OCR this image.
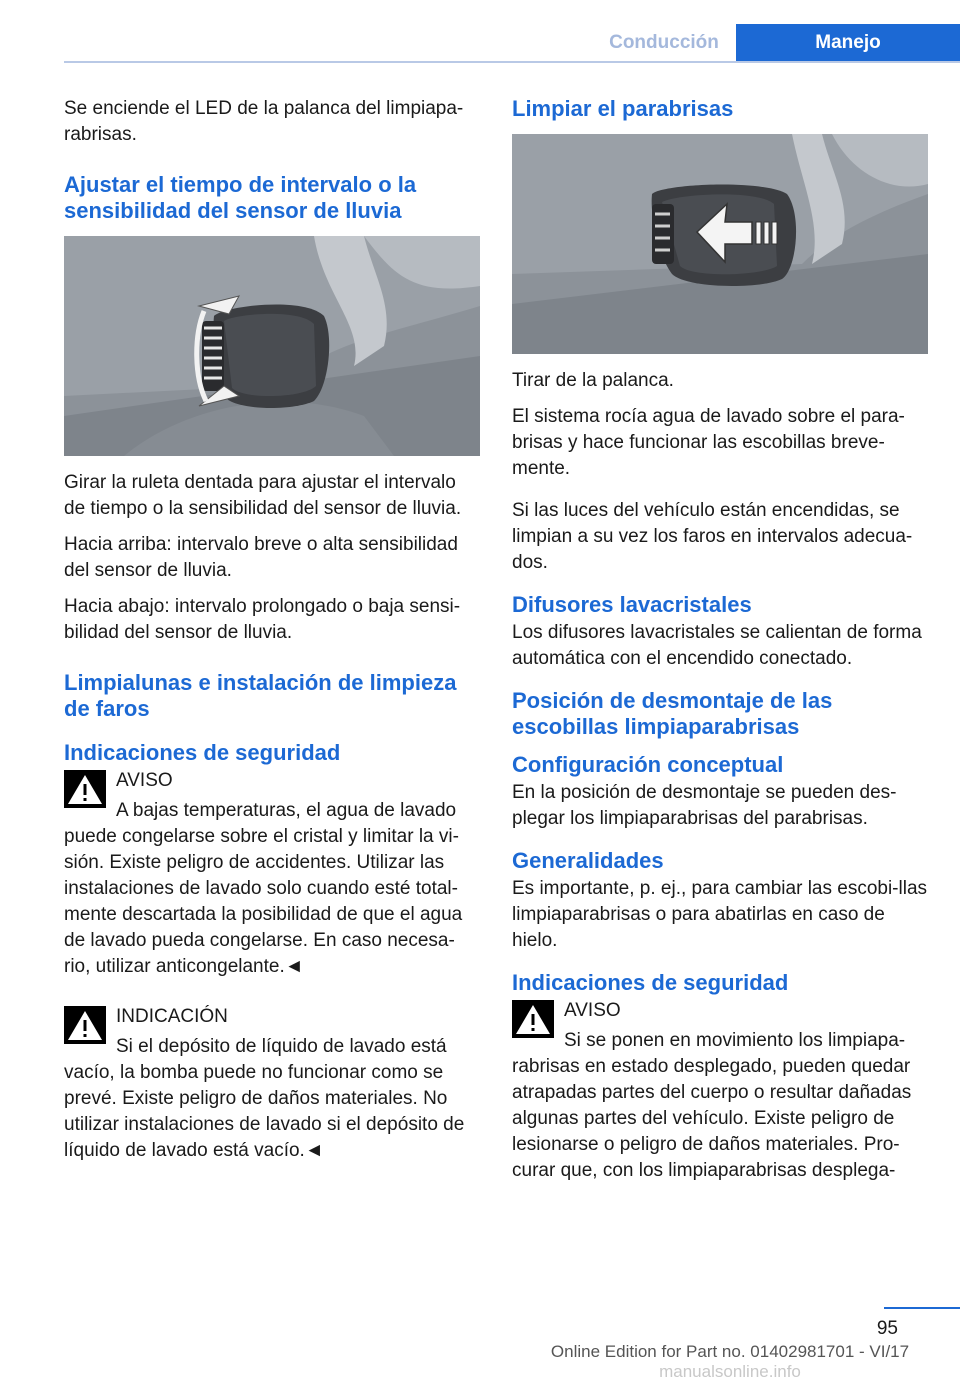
Conducción	Manejo

Se enciende el LED de la palanca del limpiapa-rabrisas.

Ajustar el tiempo de intervalo o la sensibilidad del sensor de lluvia

Girar la ruleta dentada para ajustar el intervalo de tiempo o la sensibilidad del sensor de lluvia.

Hacia arriba: intervalo breve o alta sensibilidad del sensor de lluvia.

Hacia abajo: intervalo prolongado o baja sensi-bilidad del sensor de lluvia.

Limpialunas e instalación de limpieza de faros
Indicaciones de seguridad
AVISO
A bajas temperaturas, el agua de lavado puede congelarse sobre el cristal y limitar la vi-sión. Existe peligro de accidentes. Utilizar las instalaciones de lavado solo cuando esté total-mente descartada la posibilidad de que el agua de lavado pueda congelarse. En caso necesa-rio, utilizar anticongelante.◄
INDICACIÓN
Si el depósito de líquido de lavado está vacío, la bomba puede no funcionar como se prevé. Existe peligro de daños materiales. No utilizar instalaciones de lavado si el depósito de líquido de lavado está vacío.◄
Limpiar el parabrisas

Tirar de la palanca.

El sistema rocía agua de lavado sobre el para-brisas y hace funcionar las escobillas breve-mente.

Si las luces del vehículo están encendidas, se limpian a su vez los faros en intervalos adecua-dos.

Difusores lavacristales

Los difusores lavacristales se calientan de forma automática con el encendido conectado.

Posición de desmontaje de las escobillas limpiaparabrisas
Configuración conceptual

En la posición de desmontaje se pueden des-plegar los limpiaparabrisas del parabrisas.

Generalidades

Es importante, p. ej., para cambiar las escobi-llas limpiaparabrisas o para abatirlas en caso de hielo.

Indicaciones de seguridad
AVISO
Si se ponen en movimiento los limpiapa-rabrisas en estado desplegado, pueden quedar atrapadas partes del cuerpo o resultar dañadas algunas partes del vehículo. Existe peligro de lesionarse o peligro de daños materiales. Pro-curar que, con los limpiaparabrisas desplega-
95
Online Edition for Part no. 01402981701 - VI/17 manualsonline.info
